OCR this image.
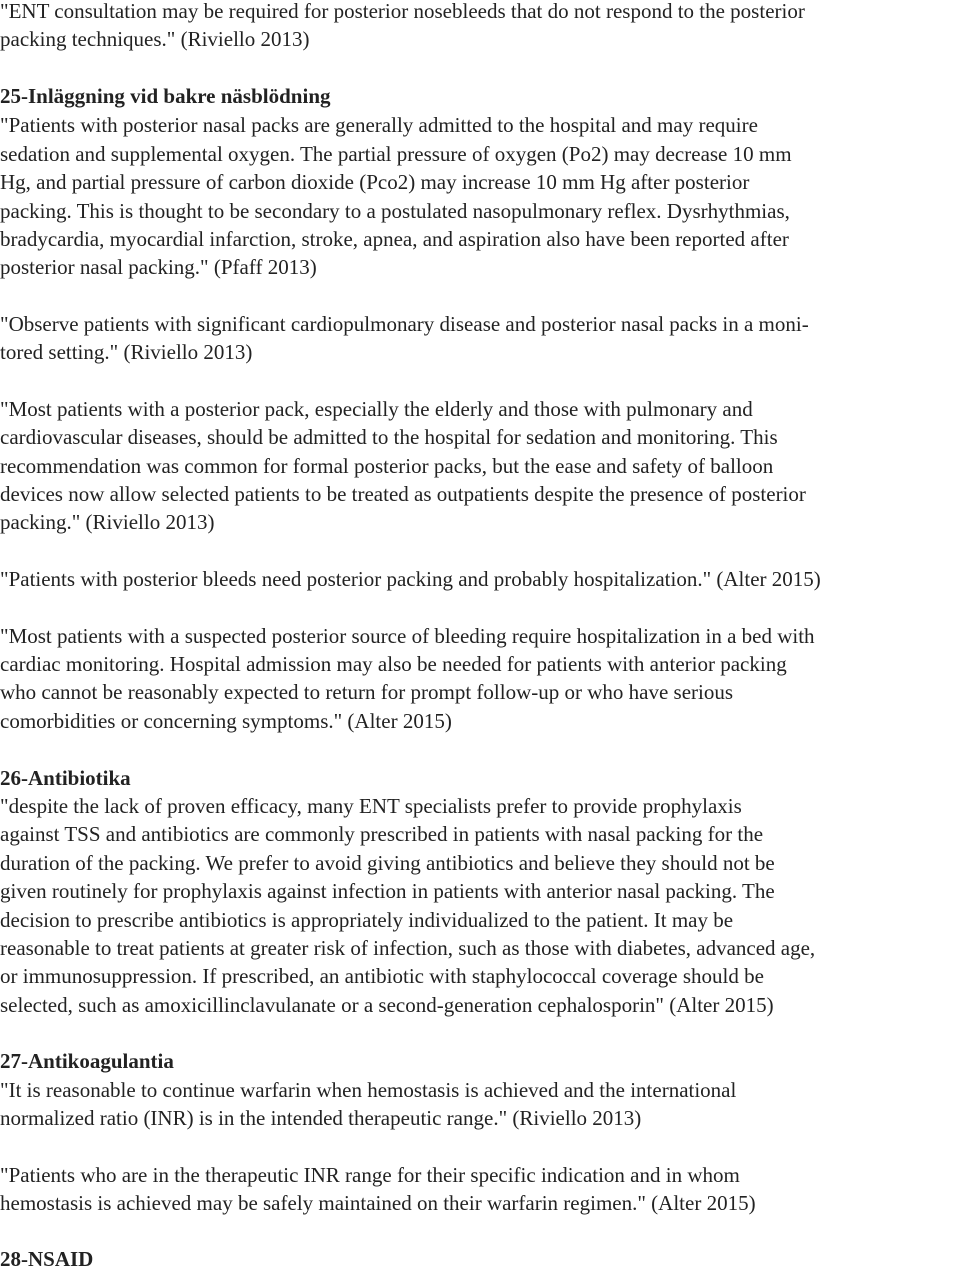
"ENT consultation may be required for posterior nosebleeds that do not respond to the posterior

packing techniques." (Riviello 2013)

25-Inläggning vid bakre näsblödning

"Patients with posterior nasal packs are generally admitted to the hospital and may require

sedation and supplemental oxygen. The partial pressure of oxygen (Po2) may decrease 10 mm

Hg, and partial pressure of carbon dioxide (Pco2) may increase 10 mm Hg after posterior

packing. This is thought to be secondary to a postulated nasopulmonary reflex. Dysrhythmias,

bradycardia, myocardial infarction, stroke, apnea, and aspiration also have been reported after

posterior nasal packing." (Pfaff 2013)

"Observe patients with significant cardiopulmonary disease and posterior nasal packs in a moni-

tored setting." (Riviello 2013)

"Most patients with a posterior pack, especially the elderly and those with pulmonary and

cardiovascular diseases, should be admitted to the hospital for sedation and monitoring. This

recommendation was common for formal posterior packs, but the ease and safety of balloon

devices now allow selected patients to be treated as outpatients despite the presence of posterior

packing." (Riviello 2013)

"Patients with posterior bleeds need posterior packing and probably hospitalization." (Alter 2015)

"Most patients with a suspected posterior source of bleeding require hospitalization in a bed with

cardiac monitoring. Hospital admission may also be needed for patients with anterior packing

who cannot be reasonably expected to return for prompt follow-up or who have serious

comorbidities or concerning symptoms." (Alter 2015)

26-Antibiotika

"despite the lack of proven efficacy, many ENT specialists prefer to provide prophylaxis

against TSS and antibiotics are commonly prescribed in patients with nasal packing for the

duration of the packing. We prefer to avoid giving antibiotics and believe they should not be

given routinely for prophylaxis against infection in patients with anterior nasal packing. The

decision to prescribe antibiotics is appropriately individualized to the patient. It may be

reasonable to treat patients at greater risk of infection, such as those with diabetes, advanced age,

or immunosuppression. If prescribed, an antibiotic with staphylococcal coverage should be

selected, such as amoxicillinclavulanate or a second-generation cephalosporin" (Alter 2015)

27-Antikoagulantia

"It is reasonable to continue warfarin when hemostasis is achieved and the international

normalized ratio (INR) is in the intended therapeutic range." (Riviello 2013)

"Patients who are in the therapeutic INR range for their specific indication and in whom

hemostasis is achieved may be safely maintained on their warfarin regimen." (Alter 2015)

28-NSAID
